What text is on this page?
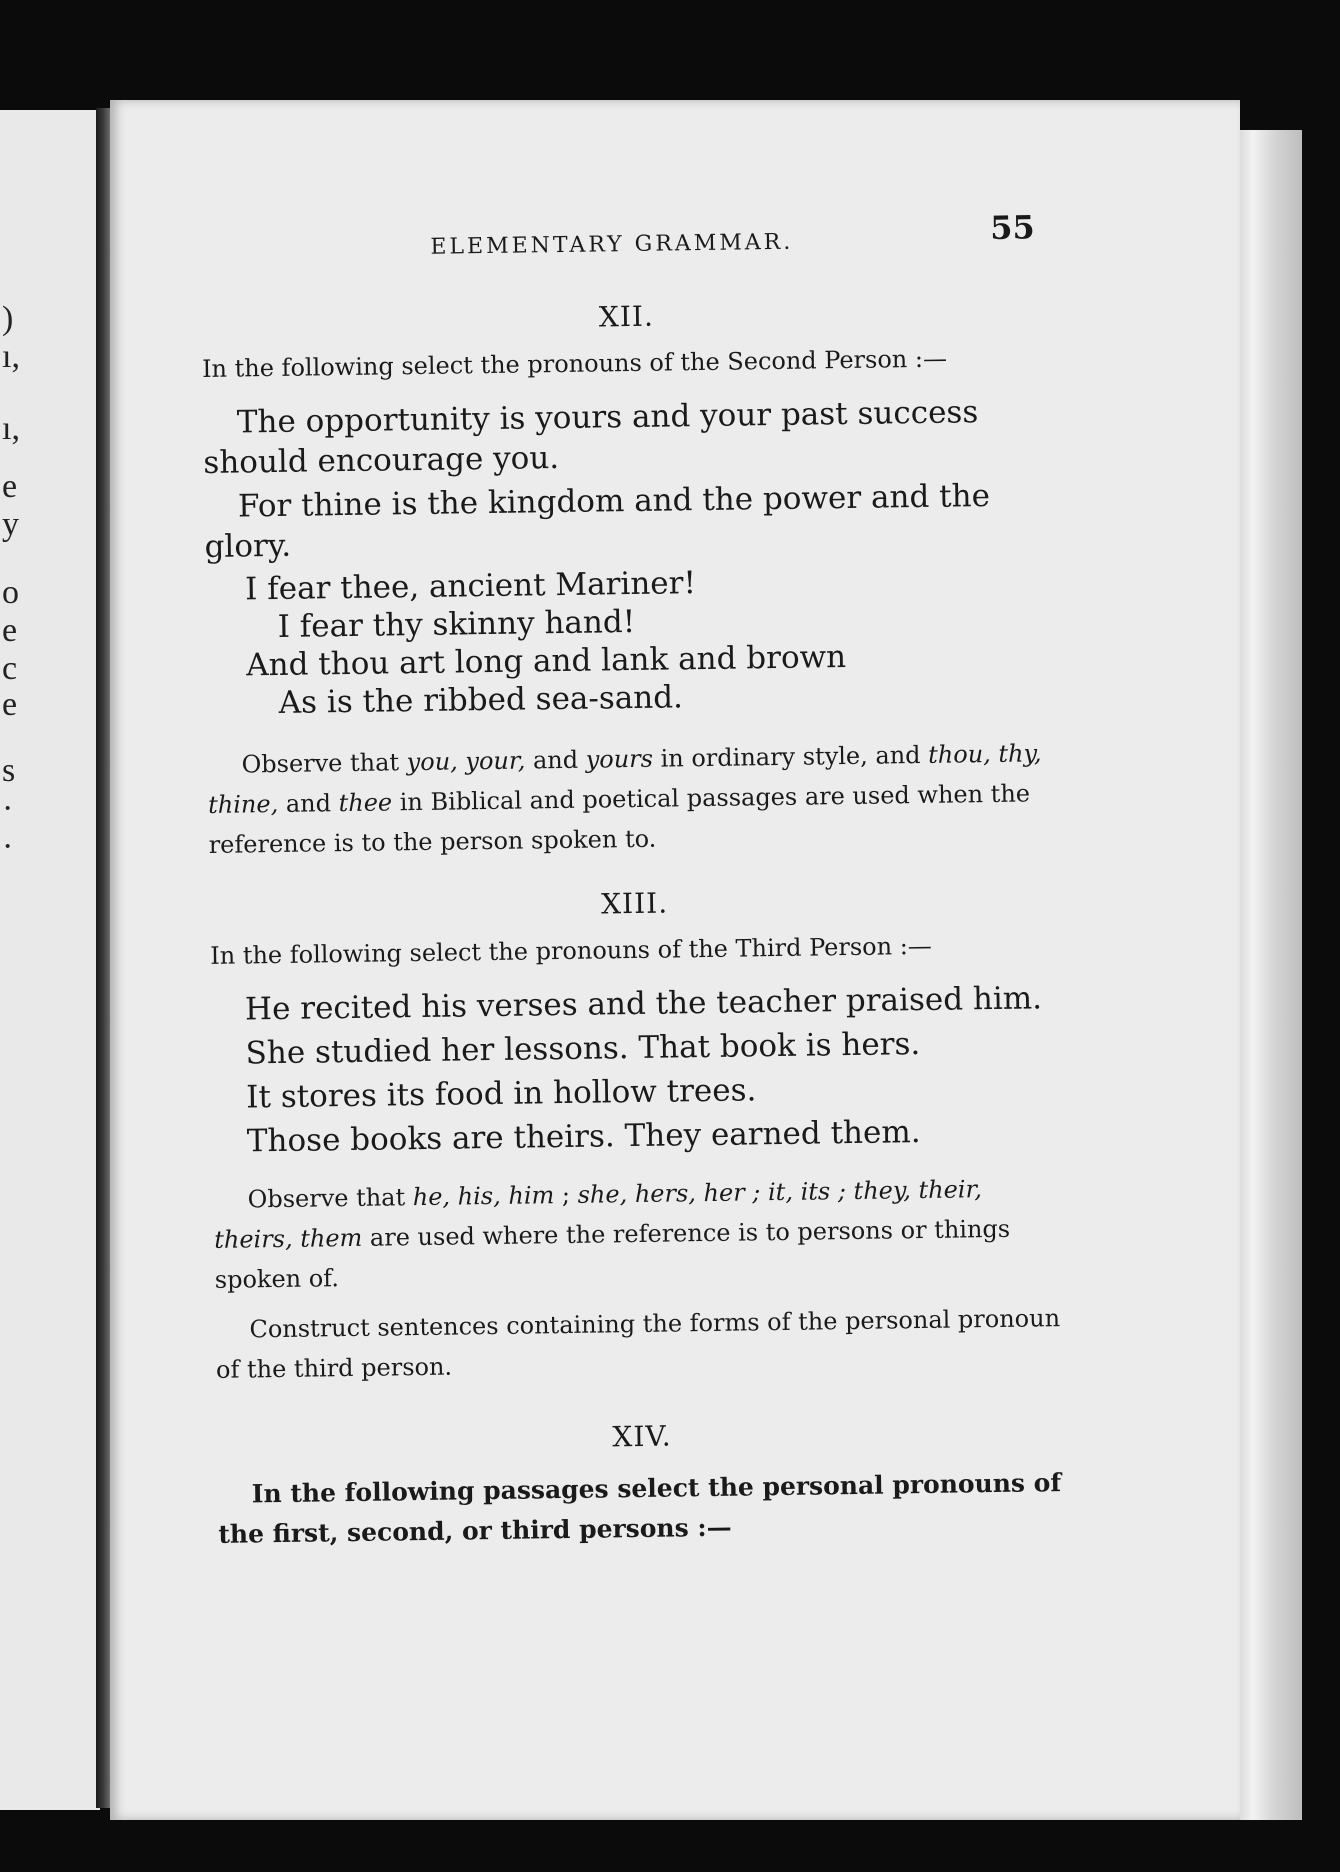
)
ı,
ı,
e
y
o
e
c
e
s
·
·
ELEMENTARY GRAMMAR.	55
XII.

In the following select the pronouns of the Second Person :—

The opportunity is yours and your past success should encourage you.

For thine is the kingdom and the power and the glory.

I fear thee, ancient Mariner!
I fear thy skinny hand!
And thou art long and lank and brown
As is the ribbed sea-sand.

Observe that you, your, and yours in ordinary style, and thou, thy, thine, and thee in Biblical and poetical passages are used when the reference is to the person spoken to.

XIII.

In the following select the pronouns of the Third Person :—

He recited his verses and the teacher praised him.

She studied her lessons. That book is hers.

It stores its food in hollow trees.

Those books are theirs. They earned them.

Observe that he, his, him ; she, hers, her ; it, its ; they, their, theirs, them are used where the reference is to persons or things spoken of.

Construct sentences containing the forms of the personal pronoun of the third person.

XIV.

In the following passages select the personal pronouns of the first, second, or third persons :—
